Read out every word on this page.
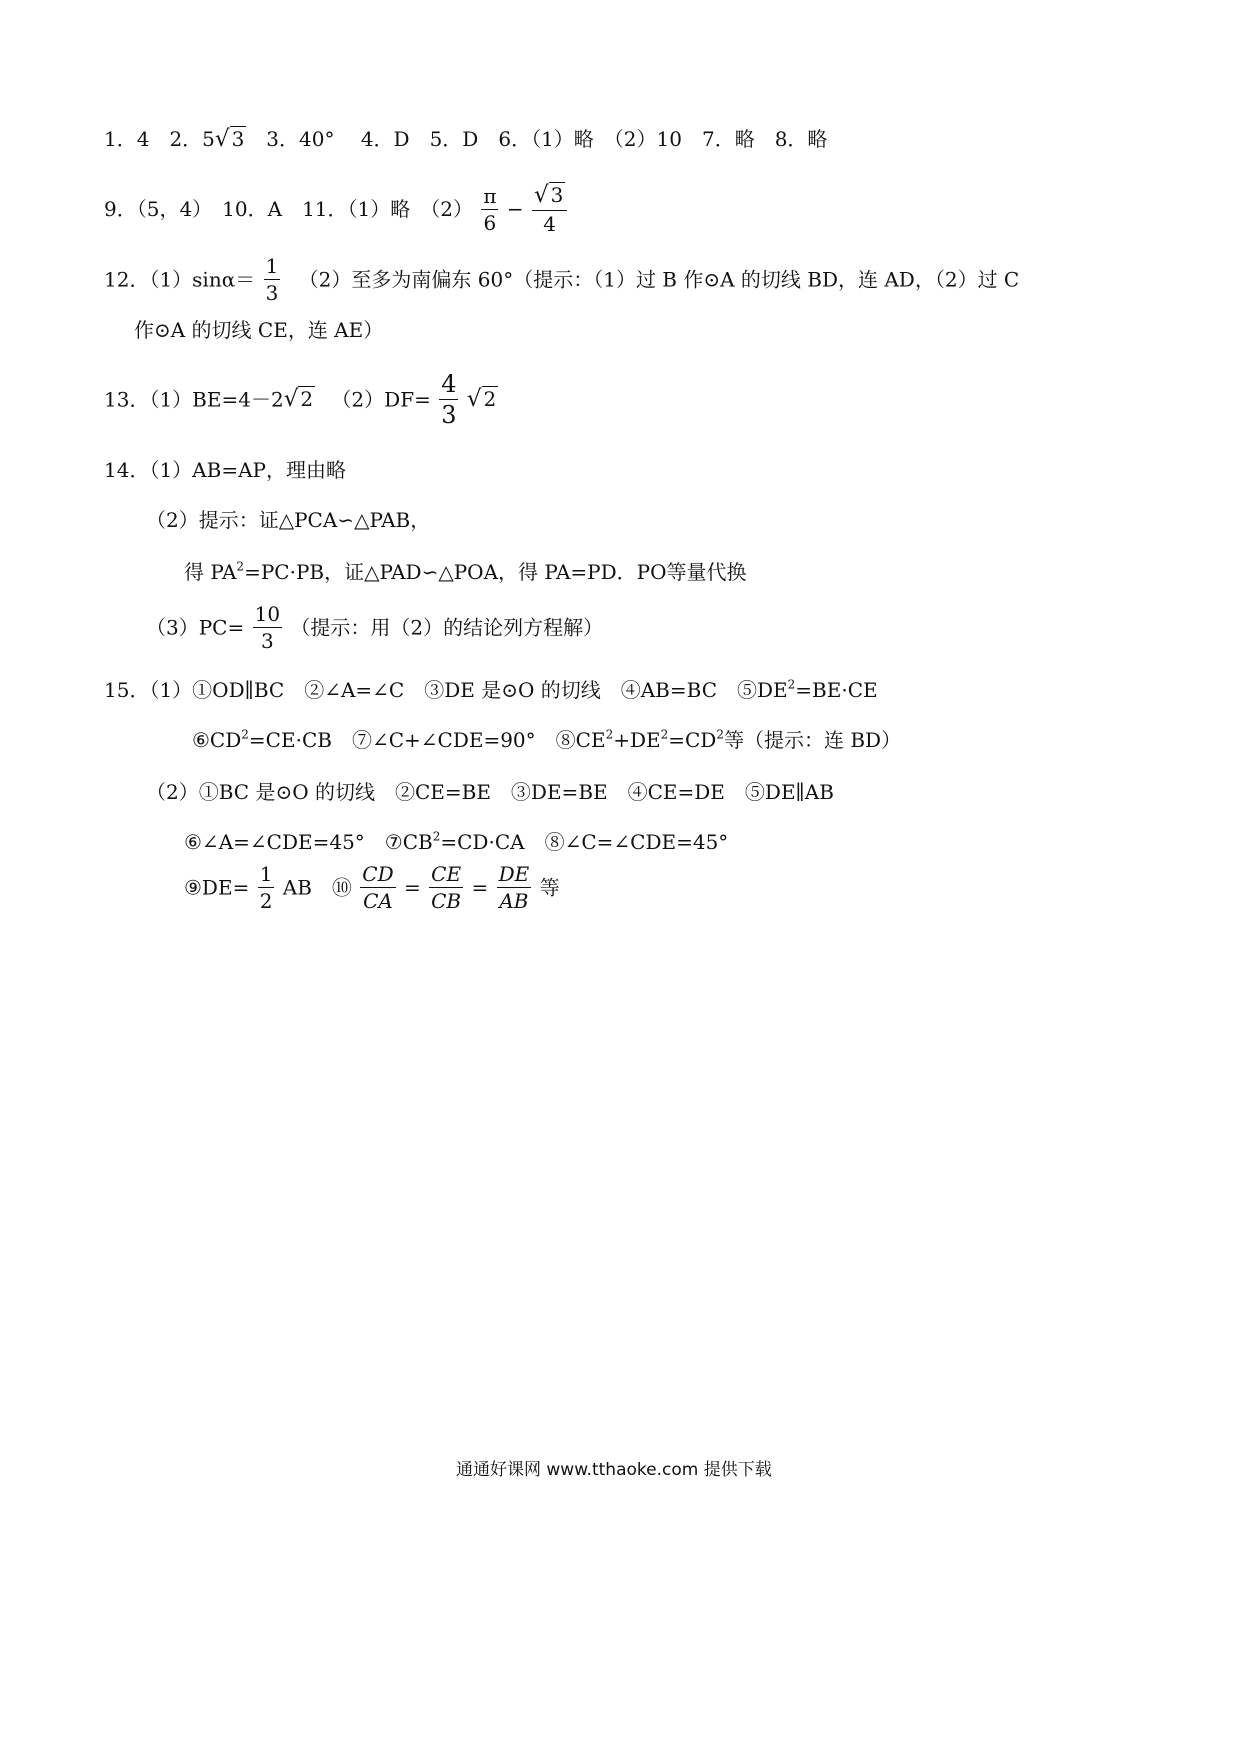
1．4　2．5√ 3　3．40°　 4．D　5．D　6．（1）略　（2）10　7．略　8．略
9．（5，4）　10．A　11．（1）略　$(2) \frac{\pi}{6} - \frac{√ 3}{4}$
12．$(1)\sin\alpha= \frac{1}{3}$ 　（2）至多为南偏东 60°（提示：（1）过 B 作⊙A 的切线 BD，连 AD，（2）过 C
作⊙A 的切线 CE，连 AE）
13．（1）BE=4－2√ 2 　$(2)DF= \frac{4}{3}$ √ 2
14．（1）AB=AP，理由略
（2）提示：证△PCA∽△PAB，
得 $PA^2=PC\cdot PB$，证△PAD∽△POA，得 PA=PD．PO等量代换
$(3)PC= \frac{10}{3}$ （提示：用（2）的结论列方程解）
15．（1）①OD∥BC　②∠A=∠C　③DE 是⊙O 的切线　④AB=BC　$⑤DE^2=BE\cdot CE$
$⑥CD^2=CE\cdot CB$　⑦∠C+∠CDE=90°　$⑧CE^2+DE^2=CD^2$等（提示：连 BD）
（2）①BC 是⊙O 的切线　②CE=BE　③DE=BE　④CE=DE　⑤DE∥AB
⑥∠A=∠CDE=45°　$⑦CB^2=CD\cdot CA$　⑧∠C=∠CDE=45°
⑨DE= $\frac{1}{2}$ AB　⑩ $\frac{CD}{CA} = \frac{CE}{CB} = \frac{DE}{AB}$ 等
通通好课网 www.tthaoke.com 提供下载
